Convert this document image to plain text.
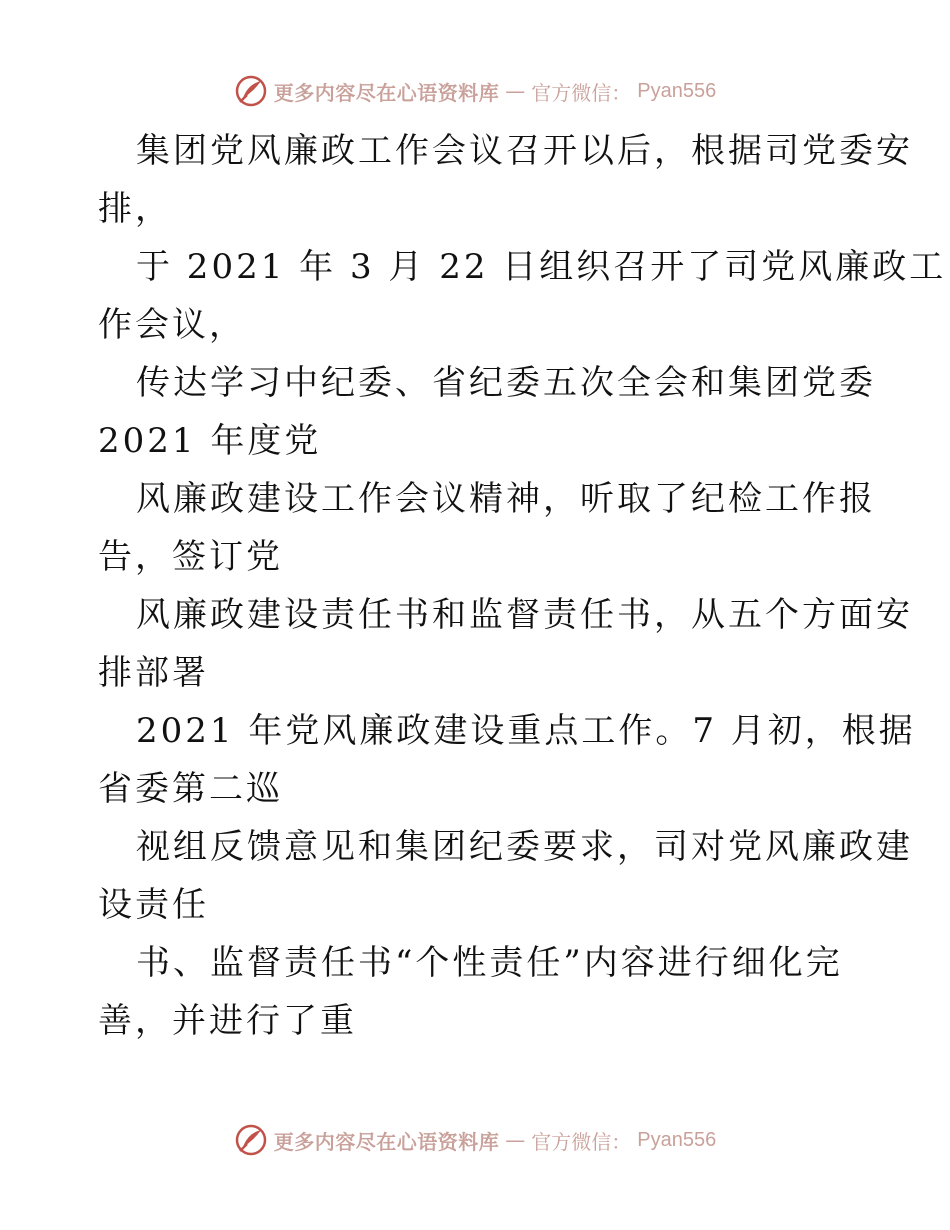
更多内容尽在心语资料库 — 官方微信： Pyan556
集团党风廉政工作会议召开以后，根据司党委安
排，
于 2021 年 3 月 22 日组织召开了司党风廉政工
作会议，
传达学习中纪委、省纪委五次全会和集团党委
2021 年度党
风廉政建设工作会议精神，听取了纪检工作报
告，签订党
风廉政建设责任书和监督责任书，从五个方面安
排部署
2021 年党风廉政建设重点工作。7 月初，根据
省委第二巡
视组反馈意见和集团纪委要求，司对党风廉政建
设责任
书、监督责任书“个性责任”内容进行细化完
善，并进行了重
更多内容尽在心语资料库 — 官方微信： Pyan556
